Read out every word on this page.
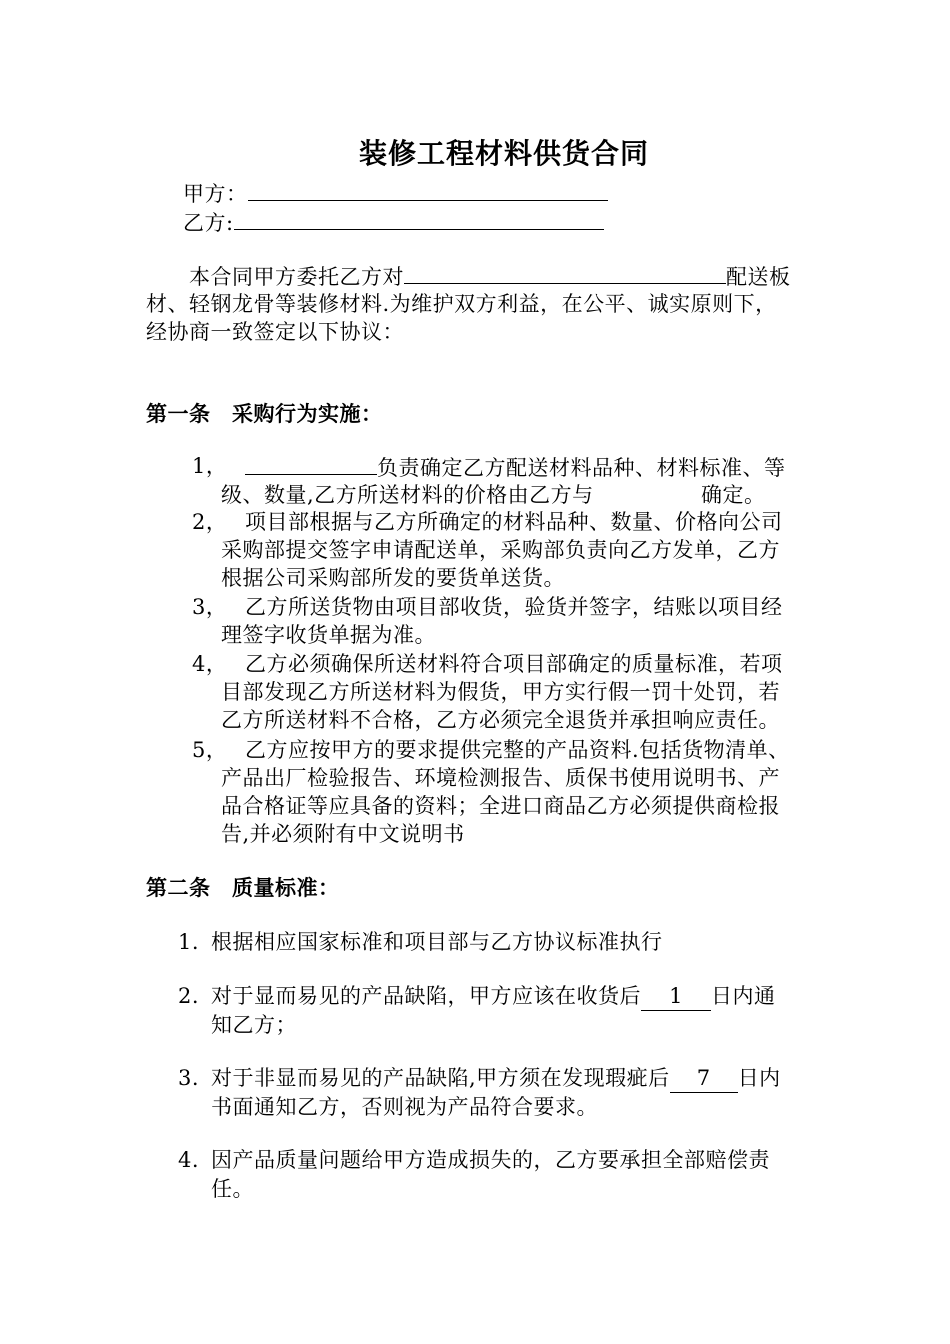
装修工程材料供货合同
甲方：
乙方:
本合同甲方委托乙方对	配送板
材、轻钢龙骨等装修材料.为维护双方利益，在公平、诚实原则下，
经协商一致签定以下协议：
第一条　采购行为实施：
1，	负责确定乙方配送材料品种、材料标准、等
级、数量,乙方所送材料的价格由乙方与	确定。
2， 项目部根据与乙方所确定的材料品种、数量、价格向公司
采购部提交签字申请配送单，采购部负责向乙方发单，乙方
根据公司采购部所发的要货单送货。
3， 乙方所送货物由项目部收货，验货并签字，结账以项目经
理签字收货单据为准。
4， 乙方必须确保所送材料符合项目部确定的质量标准，若项
目部发现乙方所送材料为假货，甲方实行假一罚十处罚，若
乙方所送材料不合格，乙方必须完全退货并承担响应责任。
5， 乙方应按甲方的要求提供完整的产品资料.包括货物清单、
产品出厂检验报告、环境检测报告、质保书使用说明书、产
品合格证等应具备的资料；全进口商品乙方必须提供商检报
告,并必须附有中文说明书
第二条　质量标准：
1. 根据相应国家标准和项目部与乙方协议标准执行
2. 对于显而易见的产品缺陷，甲方应该在收货后 1 日内通
知乙方；
3. 对于非显而易见的产品缺陷,甲方须在发现瑕疵后 7 日内
书面通知乙方，否则视为产品符合要求。
4. 因产品质量问题给甲方造成损失的，乙方要承担全部赔偿责
任。
